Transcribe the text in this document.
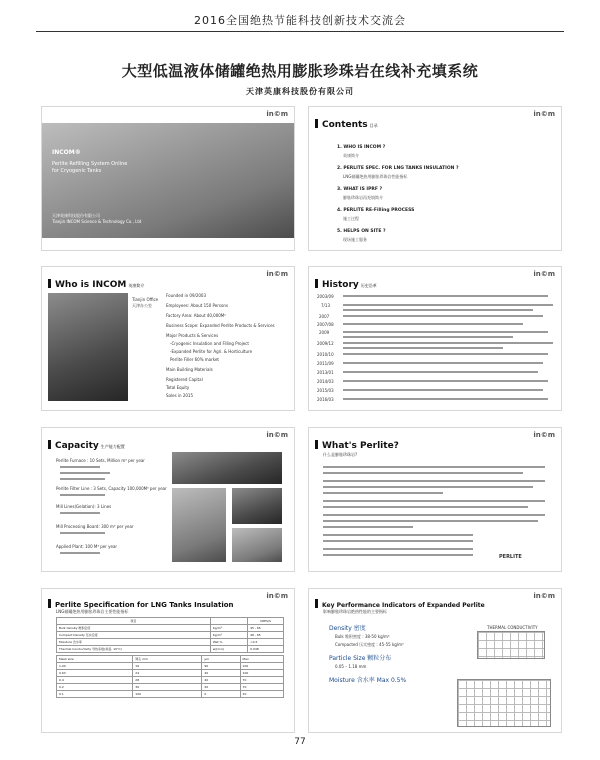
2016全国绝热节能科技创新技术交流会
大型低温液体储罐绝热用膨胀珍珠岩在线补充填系统
天津英康科技股份有限公司
in©m
INCOM®
Perlite Refilling System Online
for Cryogenic Tanks
天津英康科技股份有限公司
Tianjin INCOM Science & Technology Co., Ltd
in©m
Contents 目录
1. WHO IS INCOM ?
英康简介
2. PERLITE SPEC. FOR LNG TANKS INSULATION ?
LNG储罐绝热用膨胀珍珠岩性能指标
3. WHAT IS IPRF ?
膨胀珍珠岩再充填简介
4. PERLITE RE-Filling PROCESS
施工过程
5. HELPS ON SITE ?
现场施工服务
in©m
Who is INCOM 英康简介
Tianjin Office
天津办公室
Founded in 09/2003
Employees: About 150 Persons
Factory Area: About 40,000M²
Business Scope: Expanded Perlite Products & Services
Major Products & Services
-Cryogenic Insulation and Filling Project
-Expanded Perlite for Agri. & Horticulture
Perlite Filler 60% market
Main Building Materials
Registered Capital
Total Equity
Sales in 2015
in©m
History 历史沿革
2003/09
7/13
2007
2007/08
2009
2009/12
2010/10
2011/09
2013/01
2014/03
2015/03
2016/03
in©m
Capacity 生产能力配置
Perlite Furnace : 10 Sets, Million m³ per year
Perlite Filter Line : 3 Sets, Capacity 100,000M³ per year
Mill Lines(Gelation): 3 Lines
Mill Processing Board: 300 m³ per year
Applied Plant: 100 M³ per year
in©m
What's Perlite?
什么是膨胀珍珠岩?
PERLITE
in©m
Perlite Specification for LNG Tanks Insulation
LNG储罐绝热用膨胀珍珠岩主要性能指标
项目		OPPS/S
Bulk density 堆积密度	Kg/m³	45 - 65
Compact Density 压实密度	Kg/m³	48 - 65
Moisture 含水率	Wet %	<0.5
Thermal Conductivity 导热系数(常温, 10°C)	w/(m.k)	0.048
Mesh size	筛孔 mm	μm	Max
1.00	16	90	100
0.63	24	40	100
0.4	28	20	70
0.2	30	20	70
0.1	100	0	20
in©m
Key Performance Indicators of Expanded Perlite
影响膨胀珍珠岩绝热性能的主要指标
Density 密度
Bulk 堆积密度 : 38-50 kg/m³
Compacted 压实密度 : 45-55 kg/m³
Particle Size 颗粒分布
0.05 – 1.18 mm
Moisture 含水率 Max 0.5%
THERMAL CONDUCTIVITY
77
